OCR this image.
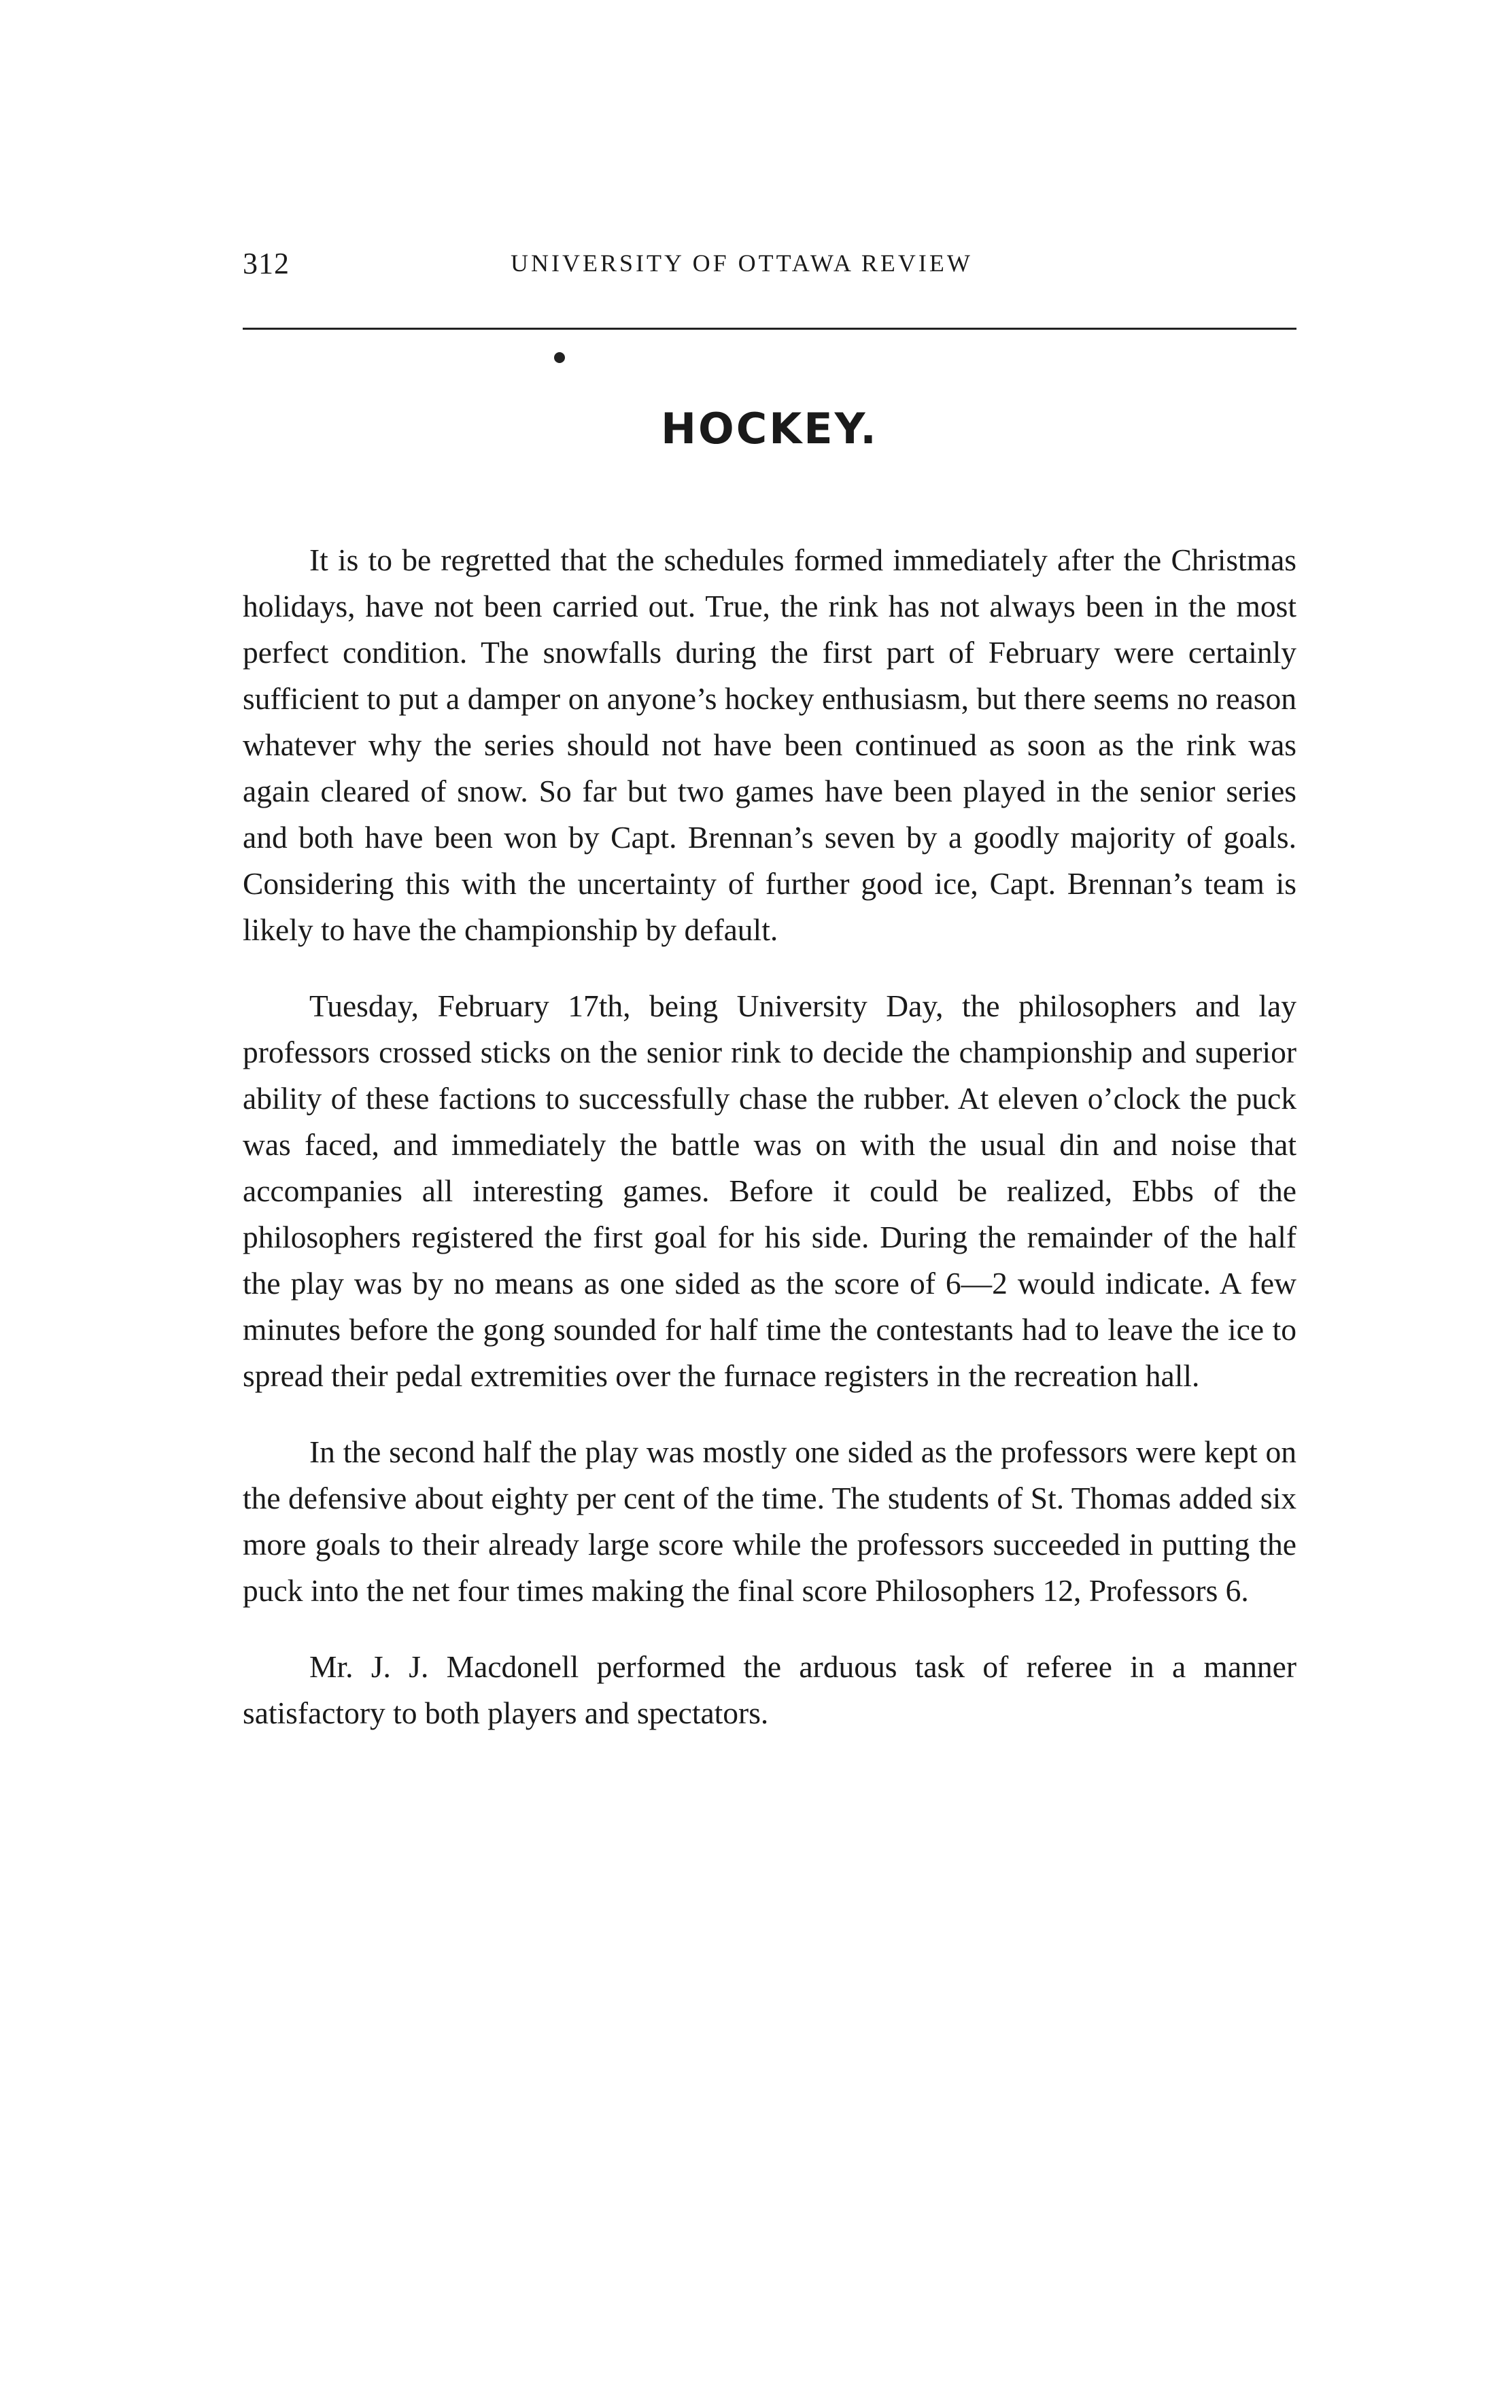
312	UNIVERSITY OF OTTAWA REVIEW
HOCKEY.

It is to be regretted that the schedules formed immediately after the Christmas holidays, have not been carried out. True, the rink has not always been in the most perfect condition. The snowfalls during the first part of February were certainly sufficient to put a damper on anyone’s hockey enthusiasm, but there seems no reason whatever why the series should not have been continued as soon as the rink was again cleared of snow. So far but two games have been played in the senior series and both have been won by Capt. Brennan’s seven by a goodly majority of goals. Considering this with the uncertainty of further good ice, Capt. Brennan’s team is likely to have the championship by default.

Tuesday, February 17th, being University Day, the philosophers and lay professors crossed sticks on the senior rink to decide the championship and superior ability of these factions to successfully chase the rubber. At eleven o’clock the puck was faced, and immediately the battle was on with the usual din and noise that accompanies all interesting games. Before it could be realized, Ebbs of the philosophers registered the first goal for his side. During the remainder of the half the play was by no means as one sided as the score of 6—2 would indicate. A few minutes before the gong sounded for half time the contestants had to leave the ice to spread their pedal extremities over the furnace registers in the recreation hall.

In the second half the play was mostly one sided as the professors were kept on the defensive about eighty per cent of the time. The students of St. Thomas added six more goals to their already large score while the professors succeeded in putting the puck into the net four times making the final score Philosophers 12, Professors 6.

Mr. J. J. Macdonell performed the arduous task of referee in a manner satisfactory to both players and spectators.
